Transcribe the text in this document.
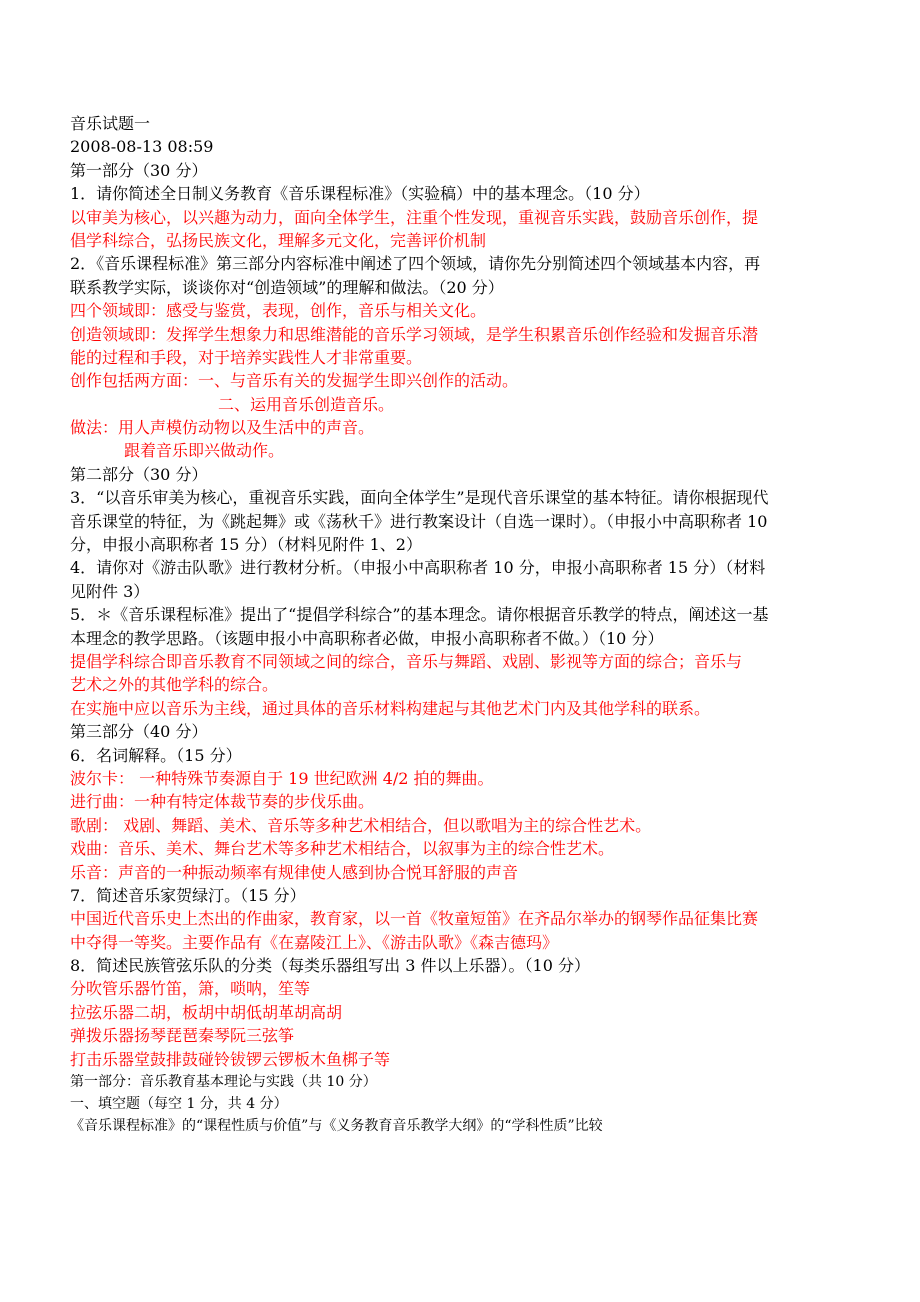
音乐试题一
2008-08-13 08:59
第一部分（30 分）
1．请你简述全日制义务教育《音乐课程标准》（实验稿）中的基本理念。（10 分）
以审美为核心，以兴趣为动力，面向全体学生，注重个性发现，重视音乐实践，鼓励音乐创作，提
倡学科综合，弘扬民族文化，理解多元文化，完善评价机制
2．《音乐课程标准》第三部分内容标准中阐述了四个领域，请你先分别简述四个领域基本内容，再
联系教学实际，谈谈你对“创造领域”的理解和做法。（20 分）
四个领域即：感受与鉴赏，表现，创作，音乐与相关文化。
创造领域即：发挥学生想象力和思维潜能的音乐学习领域，是学生积累音乐创作经验和发掘音乐潜
能的过程和手段，对于培养实践性人才非常重要。
创作包括两方面：一、与音乐有关的发掘学生即兴创作的活动。
二、运用音乐创造音乐。
做法：用人声模仿动物以及生活中的声音。
跟着音乐即兴做动作。
第二部分（30 分）
3．“以音乐审美为核心，重视音乐实践，面向全体学生”是现代音乐课堂的基本特征。请你根据现代
音乐课堂的特征，为《跳起舞》或《荡秋千》进行教案设计（自选一课时）。（申报小中高职称者 10
分，申报小高职称者 15 分）（材料见附件 1、2）
4．请你对《游击队歌》进行教材分析。（申报小中高职称者 10 分，申报小高职称者 15 分）（材料
见附件 3）
5．＊《音乐课程标准》提出了“提倡学科综合”的基本理念。请你根据音乐教学的特点，阐述这一基
本理念的教学思路。（该题申报小中高职称者必做，申报小高职称者不做。）（10 分）
提倡学科综合即音乐教育不同领域之间的综合，音乐与舞蹈、戏剧、影视等方面的综合；音乐与
艺术之外的其他学科的综合。
在实施中应以音乐为主线，通过具体的音乐材料构建起与其他艺术门内及其他学科的联系。
第三部分（40 分）
6．名词解释。（15 分）
波尔卡： 一种特殊节奏源自于 19 世纪欧洲 4/2 拍的舞曲。
进行曲：一种有特定体裁节奏的步伐乐曲。
歌剧： 戏剧、舞蹈、美术、音乐等多种艺术相结合，但以歌唱为主的综合性艺术。
戏曲：音乐、美术、舞台艺术等多种艺术相结合，以叙事为主的综合性艺术。
乐音：声音的一种振动频率有规律使人感到协合悦耳舒服的声音
7．简述音乐家贺绿汀。（15 分）
中国近代音乐史上杰出的作曲家，教育家，以一首《牧童短笛》在齐品尔举办的钢琴作品征集比赛
中夺得一等奖。主要作品有《在嘉陵江上》、《游击队歌》《森吉德玛》
8．简述民族管弦乐队的分类（每类乐器组写出 3 件以上乐器）。（10 分）
分吹管乐器竹笛，箫，唢呐，笙等
拉弦乐器二胡，板胡中胡低胡革胡高胡
弹拨乐器扬琴琵琶秦琴阮三弦筝
打击乐器堂鼓排鼓碰铃钹锣云锣板木鱼梆子等
第一部分：音乐教育基本理论与实践（共 10 分）
一、填空题（每空 1 分，共 4 分）
《音乐课程标准》的“课程性质与价值”与《义务教育音乐教学大纲》的“学科性质”比较
